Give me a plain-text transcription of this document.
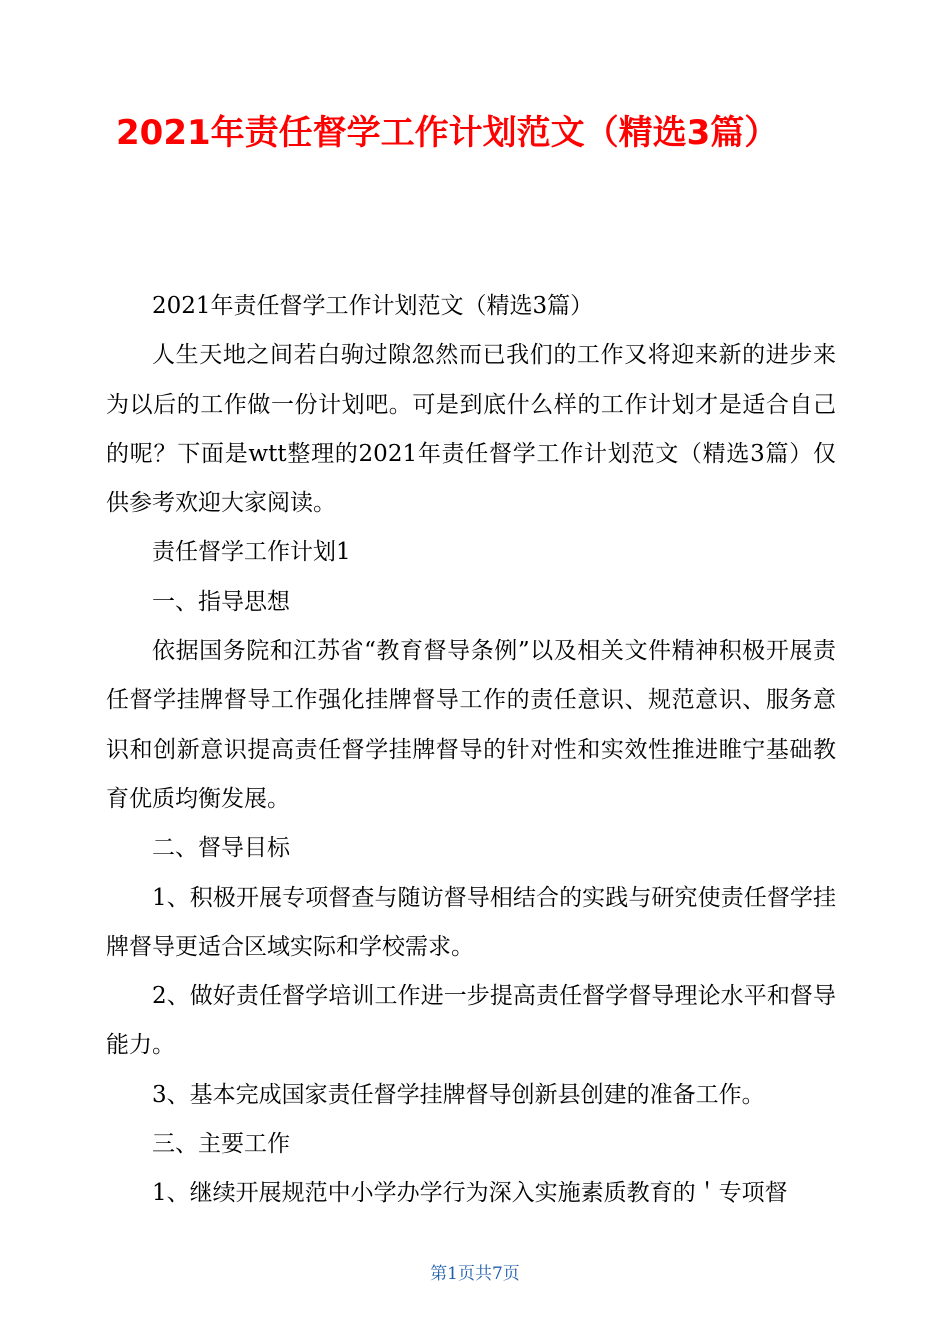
2021年责任督学工作计划范文（精选3篇）

2021年责任督学工作计划范文（精选3篇）

人生天地之间若白驹过隙忽然而已我们的工作又将迎来新的进步来为以后的工作做一份计划吧。可是到底什么样的工作计划才是适合自己的呢？下面是wtt整理的2021年责任督学工作计划范文（精选3篇）仅供参考欢迎大家阅读。

责任督学工作计划1

一、指导思想

依据国务院和江苏省“教育督导条例”以及相关文件精神积极开展责任督学挂牌督导工作强化挂牌督导工作的责任意识、规范意识、服务意识和创新意识提高责任督学挂牌督导的针对性和实效性推进睢宁基础教育优质均衡发展。

二、督导目标

1、积极开展专项督查与随访督导相结合的实践与研究使责任督学挂牌督导更适合区域实际和学校需求。

2、做好责任督学培训工作进一步提高责任督学督导理论水平和督导能力。

3、基本完成国家责任督学挂牌督导创新县创建的准备工作。

三、主要工作

1、继续开展规范中小学办学行为深入实施素质教育的＇专项督

第1页共7页
